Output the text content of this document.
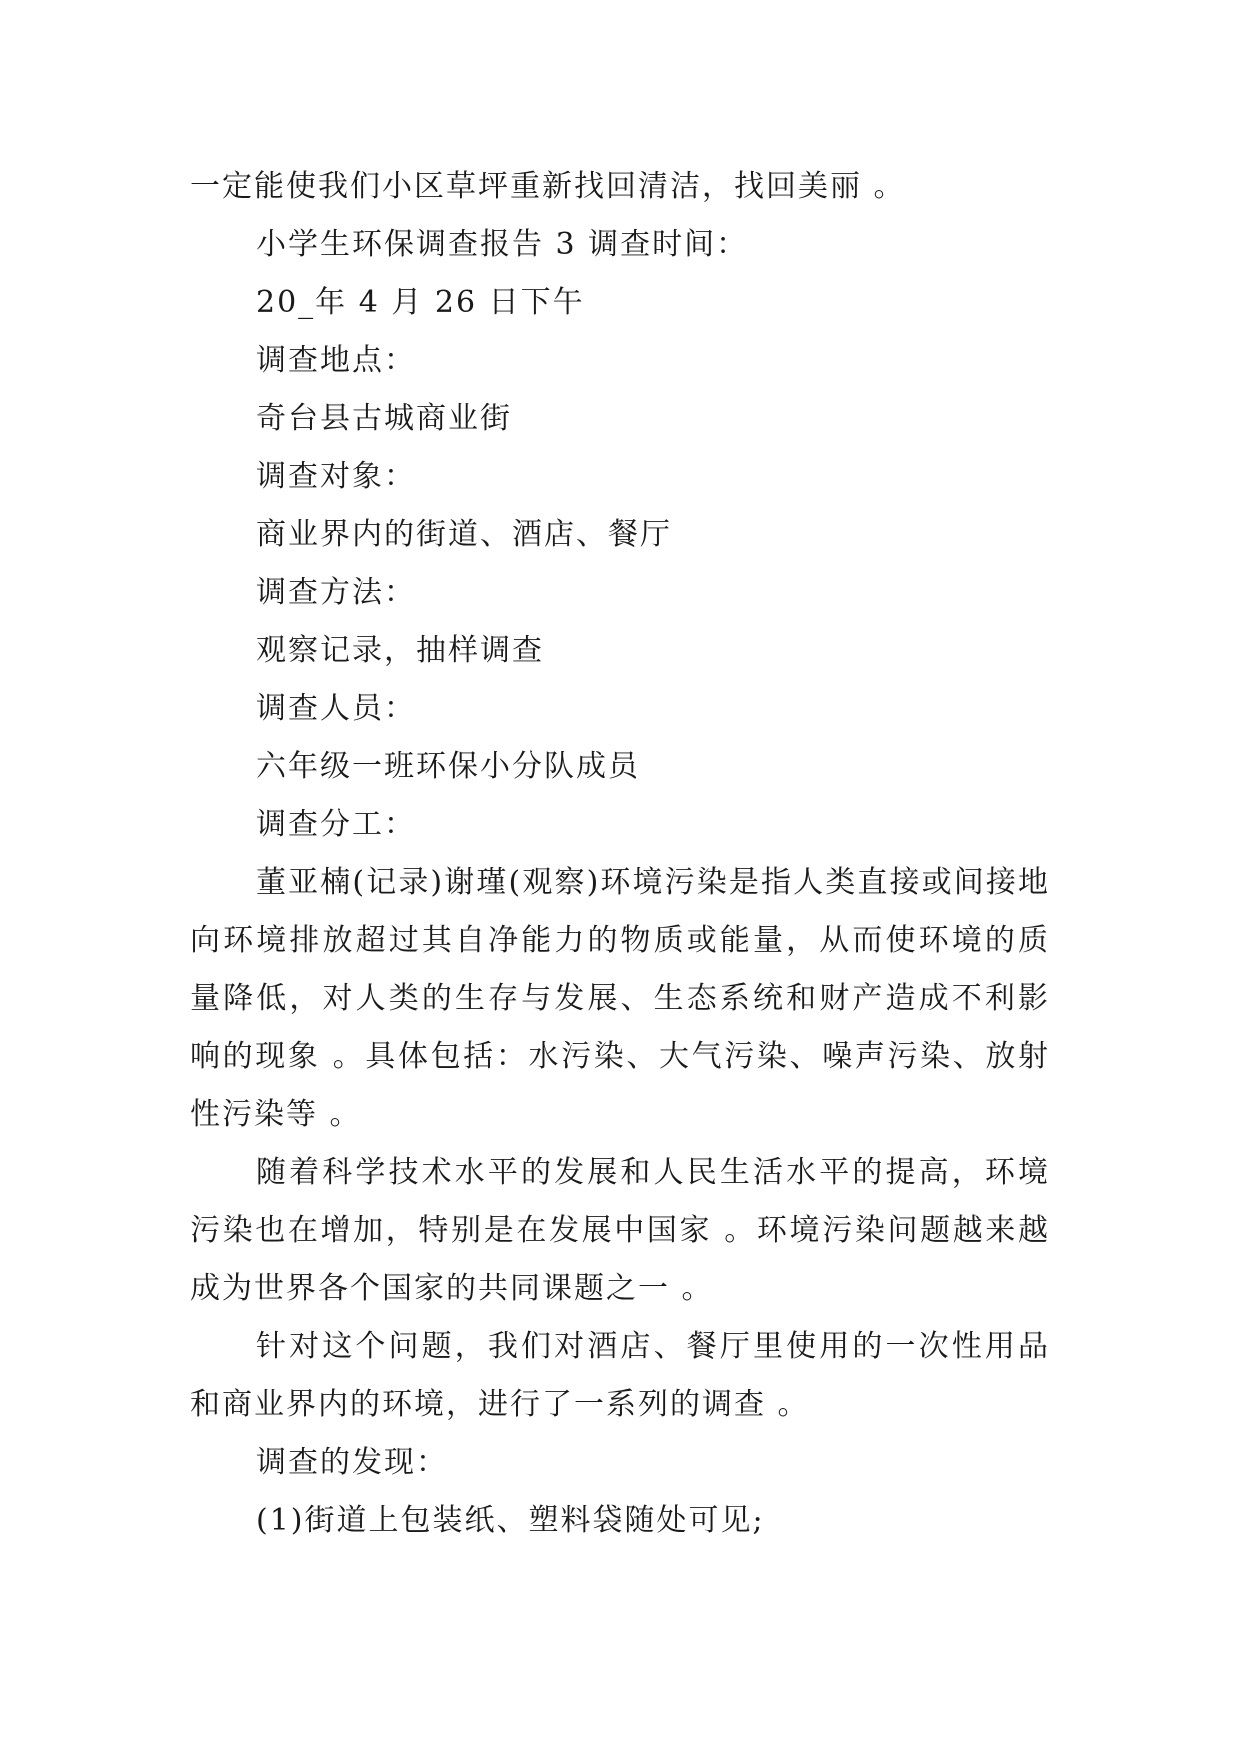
一定能使我们小区草坪重新找回清洁，找回美丽 。

小学生环保调查报告 3 调查时间：

20_年 4 月 26 日下午

调查地点：

奇台县古城商业街

调查对象：

商业界内的街道、酒店、餐厅

调查方法：

观察记录，抽样调查

调查人员：

六年级一班环保小分队成员

调查分工：

董亚楠(记录)谢瑾(观察)环境污染是指人类直接或间接地向环境排放超过其自净能力的物质或能量，从而使环境的质量降低，对人类的生存与发展、生态系统和财产造成不利影响的现象 。具体包括：水污染、大气污染、噪声污染、放射性污染等 。

随着科学技术水平的发展和人民生活水平的提高，环境污染也在增加，特别是在发展中国家 。环境污染问题越来越成为世界各个国家的共同课题之一 。

针对这个问题，我们对酒店、餐厅里使用的一次性用品和商业界内的环境，进行了一系列的调查 。

调查的发现：

(1)街道上包装纸、塑料袋随处可见;
